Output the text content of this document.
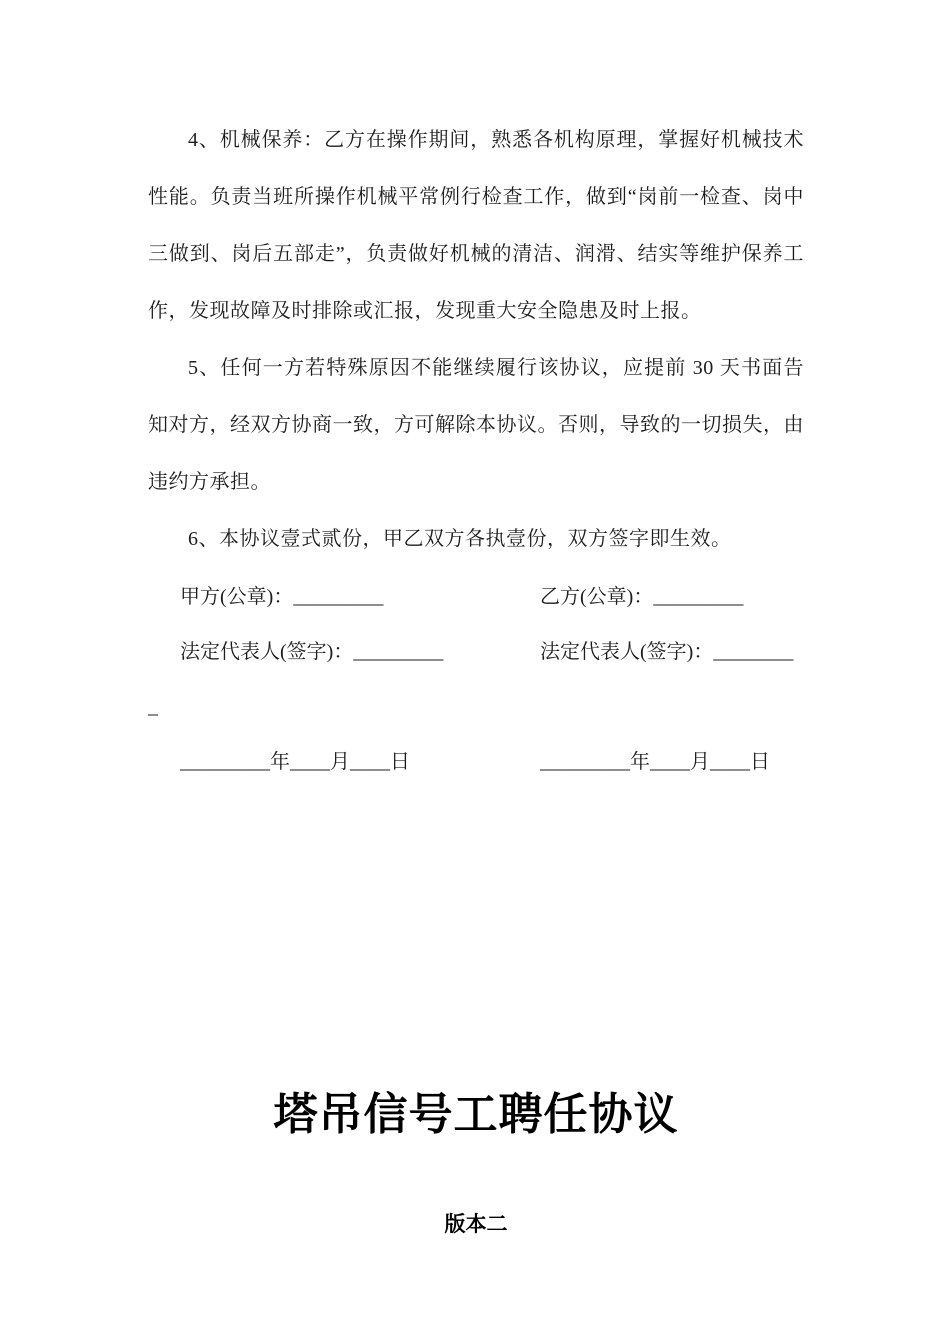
4、机械保养：乙方在操作期间，熟悉各机构原理，掌握好机械技术性能。负责当班所操作机械平常例行检查工作，做到“岗前一检查、岗中三做到、岗后五部走”，负责做好机械的清洁、润滑、结实等维护保养工作，发现故障及时排除或汇报，发现重大安全隐患及时上报。

5、任何一方若特殊原因不能继续履行该协议，应提前 30 天书面告知对方，经双方协商一致，方可解除本协议。否则，导致的一切损失，由违约方承担。

6、本协议壹式贰份，甲乙双方各执壹份，双方签字即生效。

甲方(公章)：_________	乙方(公章)：_________
法定代表人(签字)：_________	法定代表人(签字)：________
_
_________年____月____日	_________年____月____日
塔吊信号工聘任协议
版本二
